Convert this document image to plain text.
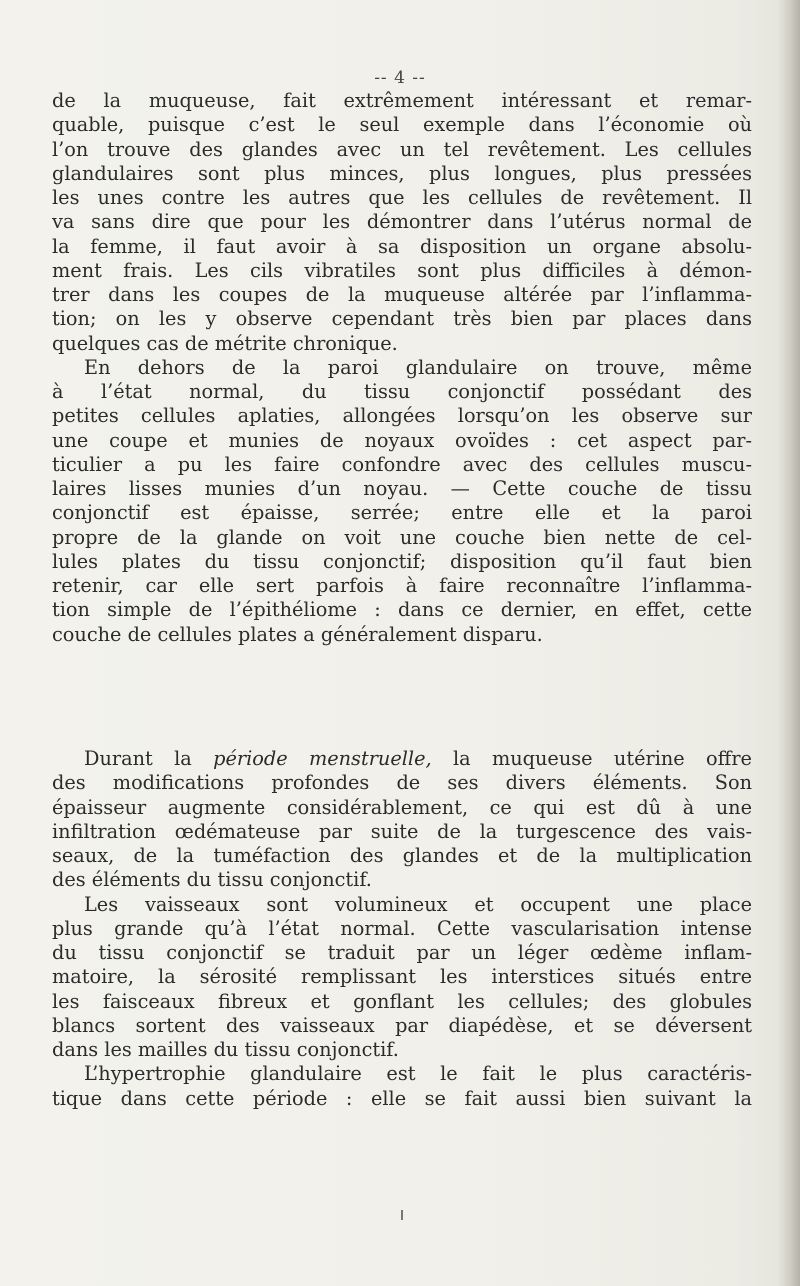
-- 4 --
de la muqueuse, fait extrêmement intéressant et remar-
quable, puisque c’est le seul exemple dans l’économie où
l’on trouve des glandes avec un tel revêtement. Les cellules
glandulaires sont plus minces, plus longues, plus pressées
les unes contre les autres que les cellules de revêtement. Il
va sans dire que pour les démontrer dans l’utérus normal de
la femme, il faut avoir à sa disposition un organe absolu-
ment frais. Les cils vibratiles sont plus difficiles à démon-
trer dans les coupes de la muqueuse altérée par l’inflamma-
tion; on les y observe cependant très bien par places dans
quelques cas de métrite chronique.
En dehors de la paroi glandulaire on trouve, même
à l’état normal, du tissu conjonctif possédant des
petites cellules aplaties, allongées lorsqu’on les observe sur
une coupe et munies de noyaux ovoïdes : cet aspect par-
ticulier a pu les faire confondre avec des cellules muscu-
laires lisses munies d’un noyau. — Cette couche de tissu
conjonctif est épaisse, serrée; entre elle et la paroi
propre de la glande on voit une couche bien nette de cel-
lules plates du tissu conjonctif; disposition qu’il faut bien
retenir, car elle sert parfois à faire reconnaître l’inflamma-
tion simple de l’épithéliome : dans ce dernier, en effet, cette
couche de cellules plates a généralement disparu.
Durant la période menstruelle, la muqueuse utérine offre
des modifications profondes de ses divers éléments. Son
épaisseur augmente considérablement, ce qui est dû à une
infiltration œdémateuse par suite de la turgescence des vais-
seaux, de la tuméfaction des glandes et de la multiplication
des éléments du tissu conjonctif.
Les vaisseaux sont volumineux et occupent une place
plus grande qu’à l’état normal. Cette vascularisation intense
du tissu conjonctif se traduit par un léger œdème inflam-
matoire, la sérosité remplissant les interstices situés entre
les faisceaux fibreux et gonflant les cellules; des globules
blancs sortent des vaisseaux par diapédèse, et se déversent
dans les mailles du tissu conjonctif.
L’hypertrophie glandulaire est le fait le plus caractéris-
tique dans cette période : elle se fait aussi bien suivant la
